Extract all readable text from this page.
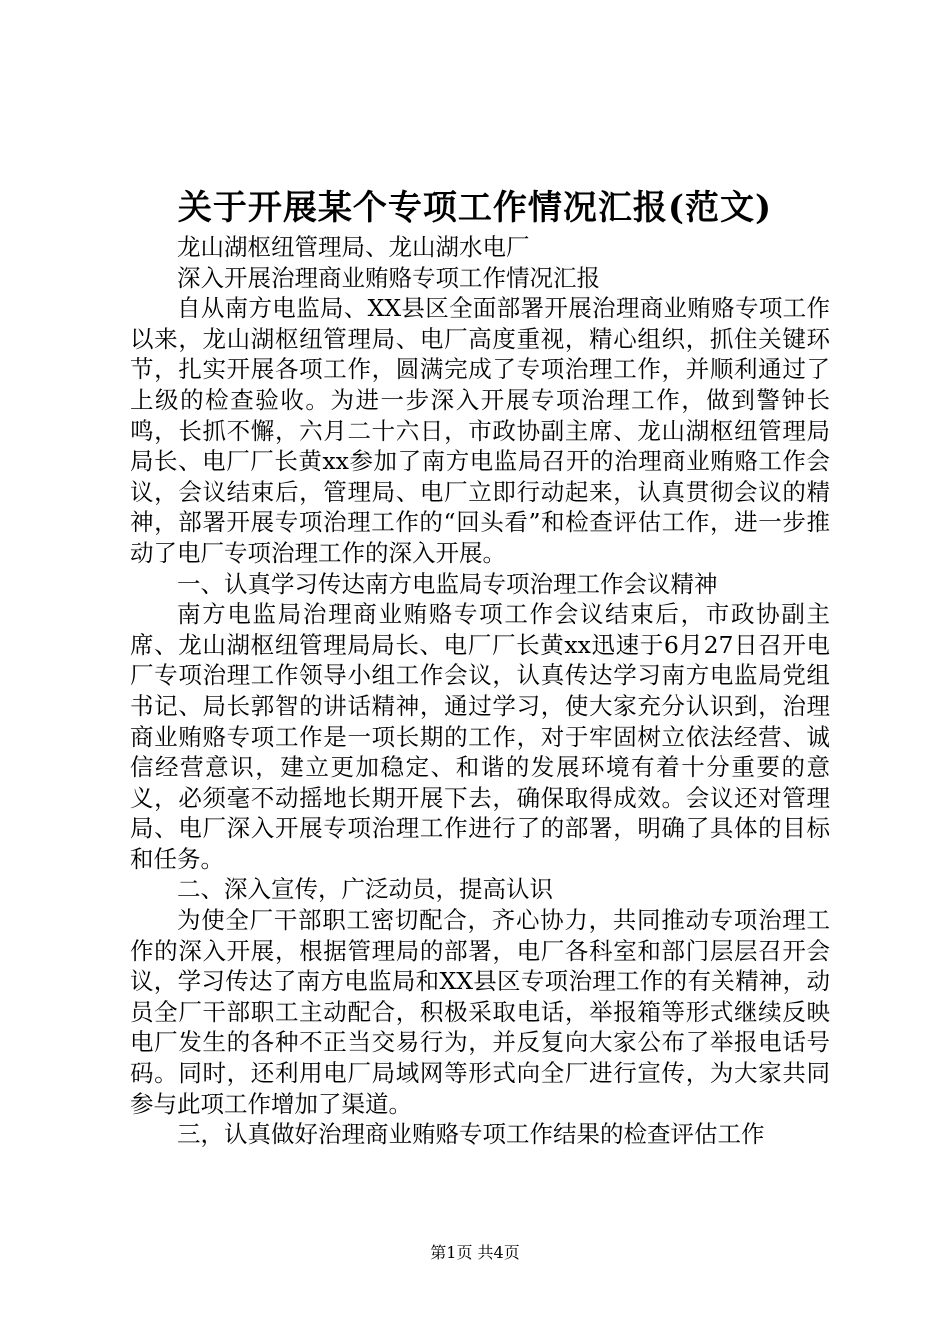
关于开展某个专项工作情况汇报(范文)

龙山湖枢纽管理局、龙山湖水电厂

深入开展治理商业贿赂专项工作情况汇报

自从南方电监局、XX县区全面部署开展治理商业贿赂专项工作以来，龙山湖枢纽管理局、电厂高度重视，精心组织，抓住关键环节，扎实开展各项工作，圆满完成了专项治理工作，并顺利通过了上级的检查验收。为进一步深入开展专项治理工作，做到警钟长鸣，长抓不懈，六月二十六日，市政协副主席、龙山湖枢纽管理局局长、电厂厂长黄xx参加了南方电监局召开的治理商业贿赂工作会议，会议结束后，管理局、电厂立即行动起来，认真贯彻会议的精神，部署开展专项治理工作的“回头看”和检查评估工作，进一步推动了电厂专项治理工作的深入开展。

一、认真学习传达南方电监局专项治理工作会议精神

南方电监局治理商业贿赂专项工作会议结束后，市政协副主席、龙山湖枢纽管理局局长、电厂厂长黄xx迅速于6月27日召开电厂专项治理工作领导小组工作会议，认真传达学习南方电监局党组书记、局长郭智的讲话精神，通过学习，使大家充分认识到，治理商业贿赂专项工作是一项长期的工作，对于牢固树立依法经营、诚信经营意识，建立更加稳定、和谐的发展环境有着十分重要的意义，必须毫不动摇地长期开展下去，确保取得成效。会议还对管理局、电厂深入开展专项治理工作进行了的部署，明确了具体的目标和任务。

二、深入宣传，广泛动员，提高认识

为使全厂干部职工密切配合，齐心协力，共同推动专项治理工作的深入开展，根据管理局的部署，电厂各科室和部门层层召开会议，学习传达了南方电监局和XX县区专项治理工作的有关精神，动员全厂干部职工主动配合，积极采取电话，举报箱等形式继续反映电厂发生的各种不正当交易行为，并反复向大家公布了举报电话号码。同时，还利用电厂局域网等形式向全厂进行宣传，为大家共同参与此项工作增加了渠道。

三，认真做好治理商业贿赂专项工作结果的检查评估工作

第1页 共4页
